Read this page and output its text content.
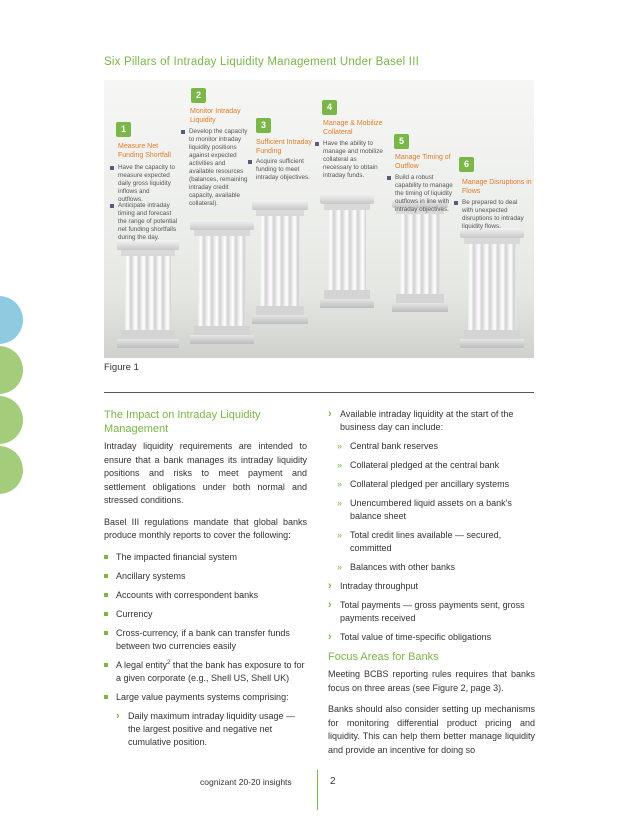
Six Pillars of Intraday Liquidity Management Under Basel III
1
Measure Net Funding Shortfall
Have the capacity to measure expected daily gross liquidity inflows and outflows.
Anticipate intraday timing and forecast the range of potential net funding shortfalls during the day.
2
Monitor Intraday Liquidity
Develop the capacity to monitor intraday liquidity positions against expected activities and available resources (balances, remaining intraday credit capacity, available collateral).
3
Sufficient Intraday Funding
Acquire sufficient funding to meet intraday objectives.
4
Manage & Mobilize Collateral
Have the ability to manage and mobilize collateral as necessary to obtain intraday funds.
5
Manage Timing of Outflow
Build a robust capability to manage the timing of liquidity outflows in line with intraday objectives.
6
Manage Disruptions in Flows
Be prepared to deal with unexpected disruptions to intraday liquidity flows.
Figure 1
The Impact on Intraday Liquidity Management
Intraday liquidity requirements are intended to ensure that a bank manages its intraday liquidity positions and risks to meet payment and settlement obligations under both normal and stressed conditions.
Basel III regulations mandate that global banks produce monthly reports to cover the following:
The impacted financial system
Ancillary systems
Accounts with correspondent banks
Currency
Cross-currency, if a bank can transfer funds between two currencies easily
A legal entity$^2$ that the bank has exposure to for a given corporate (e.g., Shell US, Shell UK)
Large value payments systems comprising:
› Daily maximum intraday liquidity usage — the largest positive and negative net cumulative position.
› Available intraday liquidity at the start of the business day can include:
» Central bank reserves
» Collateral pledged at the central bank
» Collateral pledged per ancillary systems
» Unencumbered liquid assets on a bank's balance sheet
» Total credit lines available — secured, committed
» Balances with other banks
› Intraday throughput
› Total payments — gross payments sent, gross payments received
› Total value of time-specific obligations
Focus Areas for Banks
Meeting BCBS reporting rules requires that banks focus on three areas (see Figure 2, page 3).
Banks should also consider setting up mechanisms for monitoring differential product pricing and liquidity. This can help them better manage liquidity and provide an incentive for doing so
cognizant 20-20 insights	2
